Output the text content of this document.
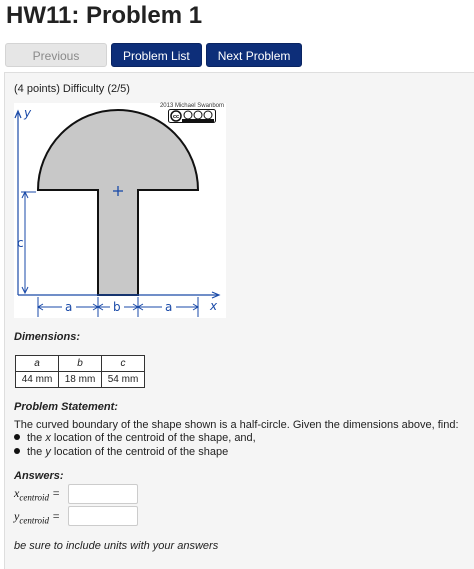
HW11: Problem 1
Previous	Problem List	Next Problem
(4 points) Difficulty (2/5)
2013 Michael Swanbom
cc
y
x
c
a	b	a
Dimensions:
a	b	c
44 mm	18 mm	54 mm
Problem Statement:
The curved boundary of the shape shown is a half-circle. Given the dimensions above, find:
the x location of the centroid of the shape, and,
the y location of the centroid of the shape
Answers:
$x_{centroid}$ =
$y_{centroid}$ =
be sure to include units with your answers
